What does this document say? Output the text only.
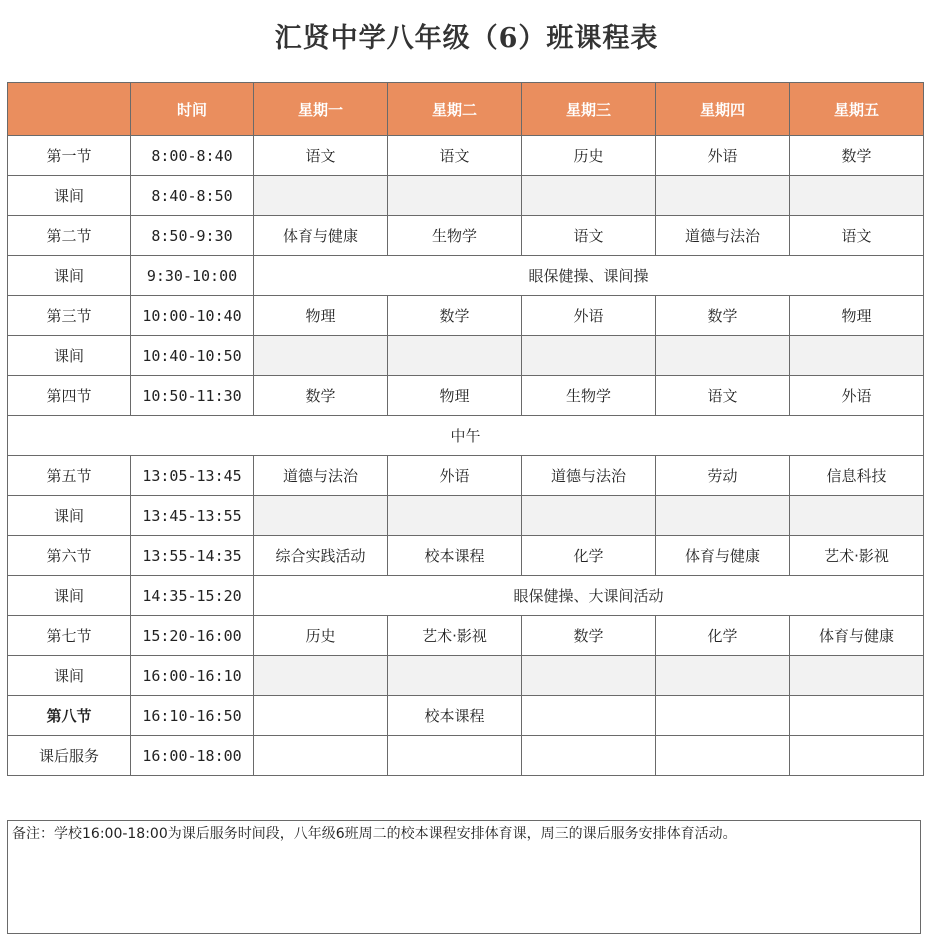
汇贤中学八年级（6）班课程表
	时间	星期一	星期二	星期三	星期四	星期五
第一节	8:00-8:40	语文	语文	历史	外语	数学
课间	8:40-8:50					
第二节	8:50-9:30	体育与健康	生物学	语文	道德与法治	语文
课间	9:30-10:00	眼保健操、课间操				
第三节	10:00-10:40	物理	数学	外语	数学	物理
课间	10:40-10:50					
第四节	10:50-11:30	数学	物理	生物学	语文	外语
中午						
第五节	13:05-13:45	道德与法治	外语	道德与法治	劳动	信息科技
课间	13:45-13:55					
第六节	13:55-14:35	综合实践活动	校本课程	化学	体育与健康	艺术·影视
课间	14:35-15:20	眼保健操、大课间活动				
第七节	15:20-16:00	历史	艺术·影视	数学	化学	体育与健康
课间	16:00-16:10					
第八节	16:10-16:50		校本课程			
课后服务	16:00-18:00					
备注：学校16:00-18:00为课后服务时间段，八年级6班周二的校本课程安排体育课，周三的课后服务安排体育活动。
